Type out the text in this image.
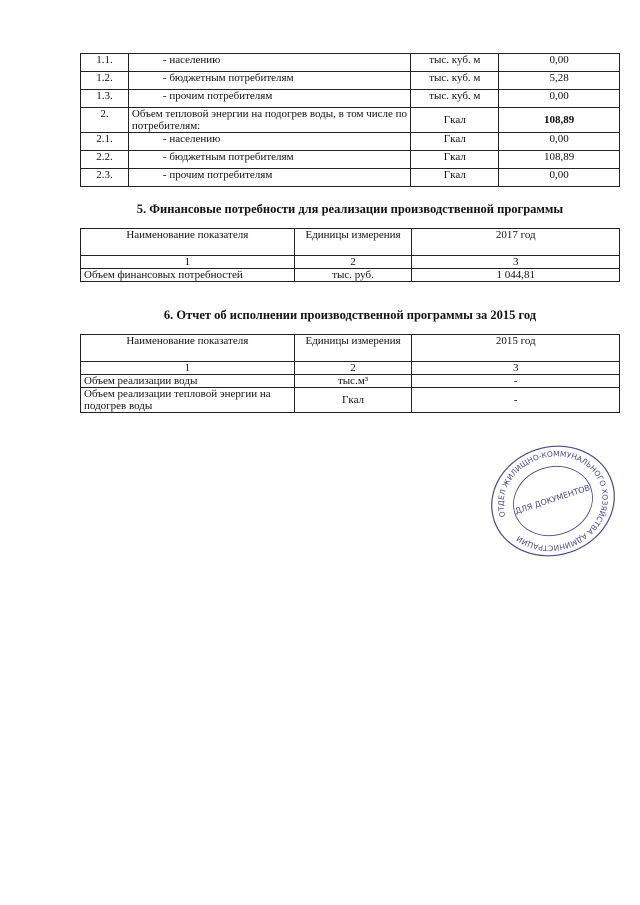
1.1.	- населению	тыс. куб. м	0,00
1.2.	- бюджетным потребителям	тыс. куб. м	5,28
1.3.	- прочим потребителям	тыс. куб. м	0,00
2.	Объем тепловой энергии на подогрев воды, в том числе по потребителям:	Гкал	108,89
2.1.	- населению	Гкал	0,00
2.2.	- бюджетным потребителям	Гкал	108,89
2.3.	- прочим потребителям	Гкал	0,00
5. Финансовые потребности для реализации производственной программы
Наименование показателя	Единицы измерения	2017 год
1	2	3
Объем финансовых потребностей	тыс. руб.	1 044,81
6. Отчет об исполнении производственной программы за 2015 год
Наименование показателя	Единицы измерения	2015 год
1	2	3
Объем реализации воды	тыс.м³	-
Объем реализации тепловой энергии на подогрев воды	Гкал	-
ОТДЕЛ ЖИЛИЩНО-КОММУНАЛЬНОГО ХОЗЯЙСТВА АДМИНИСТРАЦИИ
ДЛЯ ДОКУМЕНТОВ
